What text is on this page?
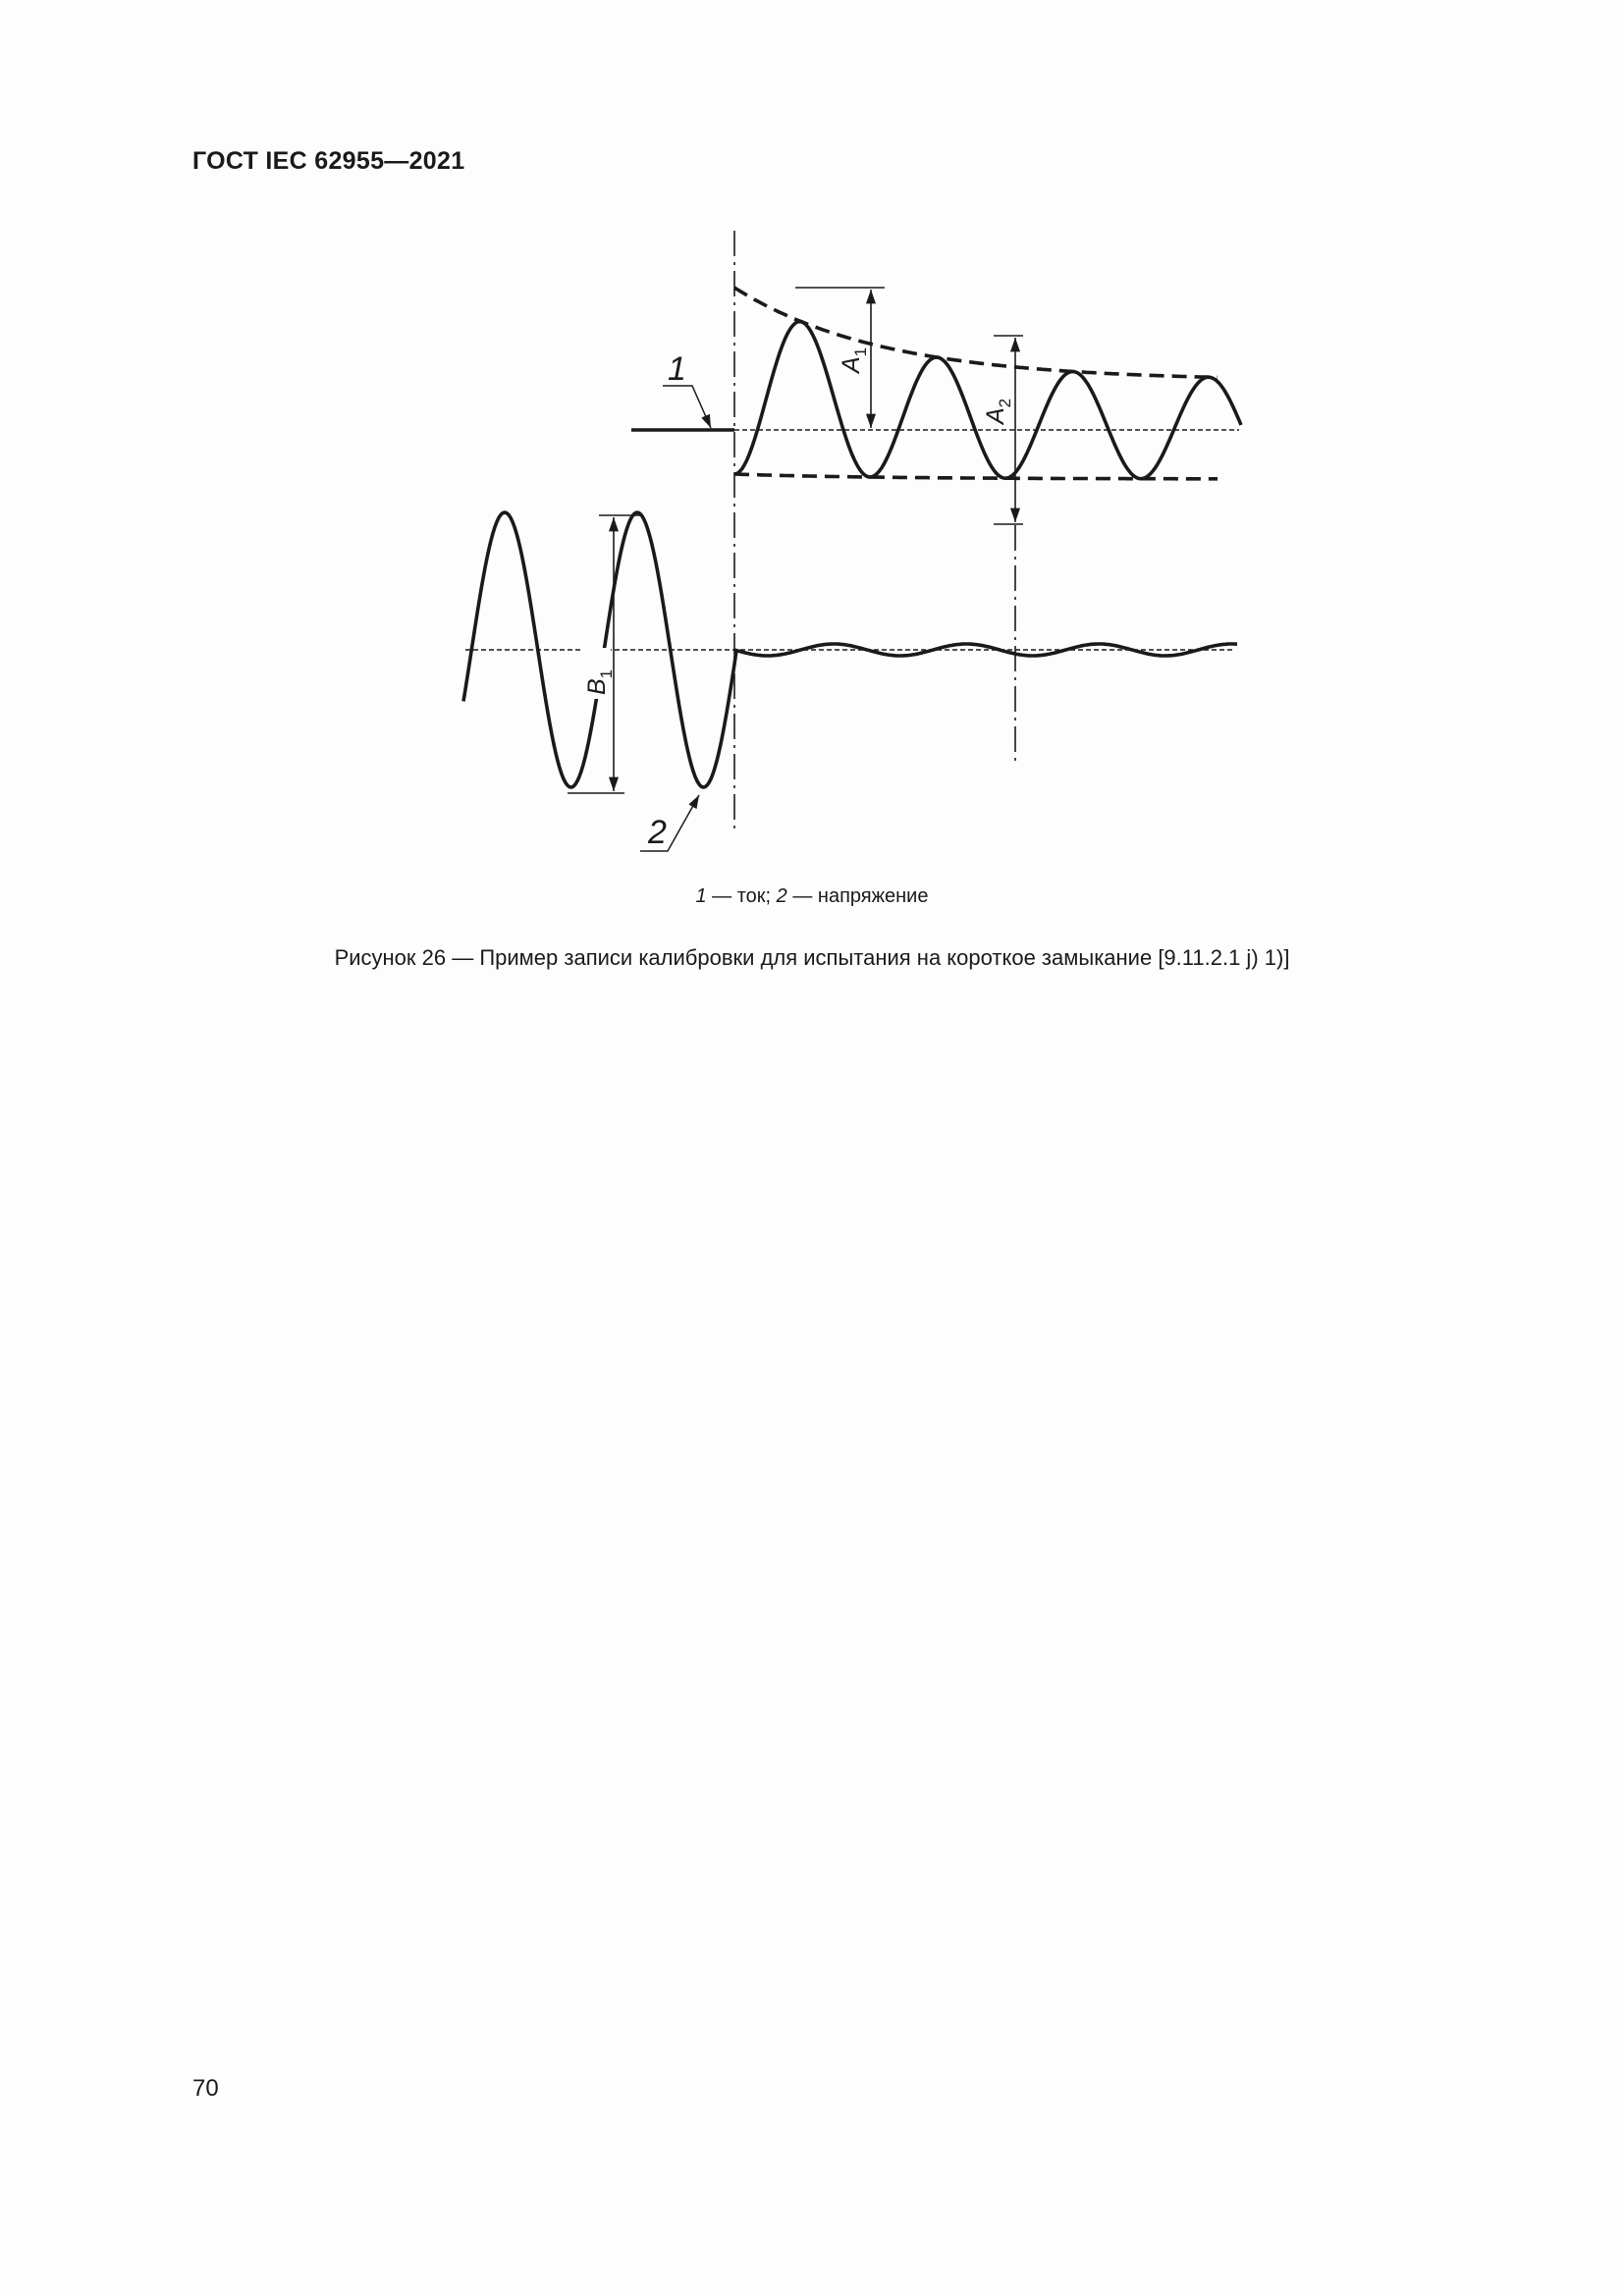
ГОСТ IEC 62955—2021
$A_1$
$A_2$
$B_1$
1
2
1 — ток; 2 — напряжение
Рисунок 26 — Пример записи калибровки для испытания на короткое замыкание [9.11.2.1 j) 1)]
70
